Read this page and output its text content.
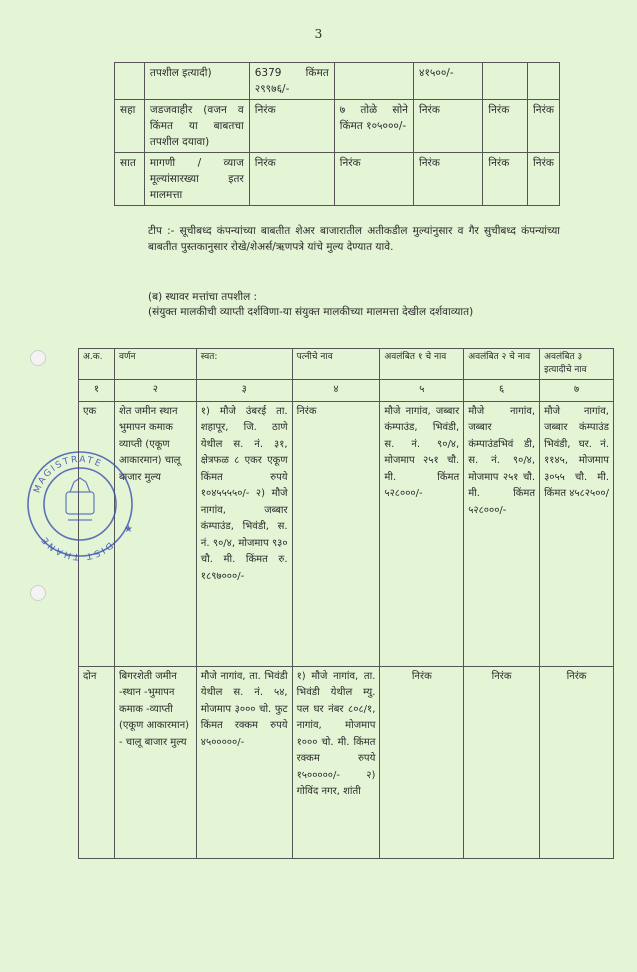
3
	तपशील इत्यादी)	6379 किंमत २९९७६/-		४१५००/-		
सहा	जडजवाहीर (वजन व किंमत या बाबतचा तपशील दयावा)	निरंक	७ तोळे सोने किंमत १०५०००/-	निरंक	निरंक	निरंक
सात	मागणी / व्याज मूल्यांसारख्या इतर मालमत्ता	निरंक	निरंक	निरंक	निरंक	निरंक
टीप :- सूचीबध्द कंपन्यांच्या बाबतीत शेअर बाजारातील अतीकडील मुल्यांनुसार व गैर सुचीबध्द कंपन्यांच्या बाबतीत पुस्तकानुसार रोखे/शेअर्स/ऋणपत्रे यांचे मुल्य देण्यात यावे.
(ब) स्थावर मत्तांचा तपशील :
(संयुक्त मालकीची व्याप्ती दर्शविणा-या संयुक्त मालकीच्या मालमत्ता देखील दर्शवाव्यात)
अ.क.	वर्णन	स्वत:	पत्नीचे नाव	अवलंबित १ चे नाव	अवलंबित २ चे नाव	अवलंबित ३ इत्यादीचे नाव
१	२	३	४	५	६	७
एक	शेत जमीन स्थान भुमापन कमाक व्याप्ती (एकूण आकारमान) चालू बाजार मुल्य	१) मौजे उंबरई ता. शहापूर, जि. ठाणे येथील स. नं. ३१, क्षेत्रफळ ८ एकर एकूण किंमत रुपये १०४५५५५०/- २) मौजे नागांव, जब्बार कंम्पाउंड, भिवंडी, स. नं. ९०/४, मोजमाप ९३० चौ. मी. किंमत रु. १८९७०००/-	निरंक	मौजे नागांव, जब्बार कंम्पाउंड, भिवंडी, स. नं. ९०/४, मोजमाप २५१ चौ. मी. किंमत ५२८०००/-	मौजे नागांव, जब्बार कंम्पाउंडभिवं डी, स. नं. ९०/४, मोजमाप २५१ चौ. मी. किंमत ५२८०००/-	मौजे नागांव, जब्बार कंम्पाउंड भिवंडी, घर. नं. ११४५, मोजमाप ३०५५ चौ. मी. किंमत ४५८२५००/
दोन	बिगरशेती जमीन -स्थान -भुमापन कमाक -व्याप्ती (एकूण आकारमान) - चालू बाजार मुल्य	मौजे नागांव, ता. भिवंडी येथील स. नं. ५४, मोजमाप ३००० चो. फुट किंमत रक्कम रुपये ४५०००००/-	१) मौजे नागांव, ता. भिवंडी येथील म्यु. पल घर नंबर ८०८/१, नागांव, मोजमाप १००० चो. मी. किंमत रक्कम रुपये १५०००००/- २) गोविंद नगर, शांती	निरंक	निरंक	निरंक
MAGISTRATE
DIST THANE
★
